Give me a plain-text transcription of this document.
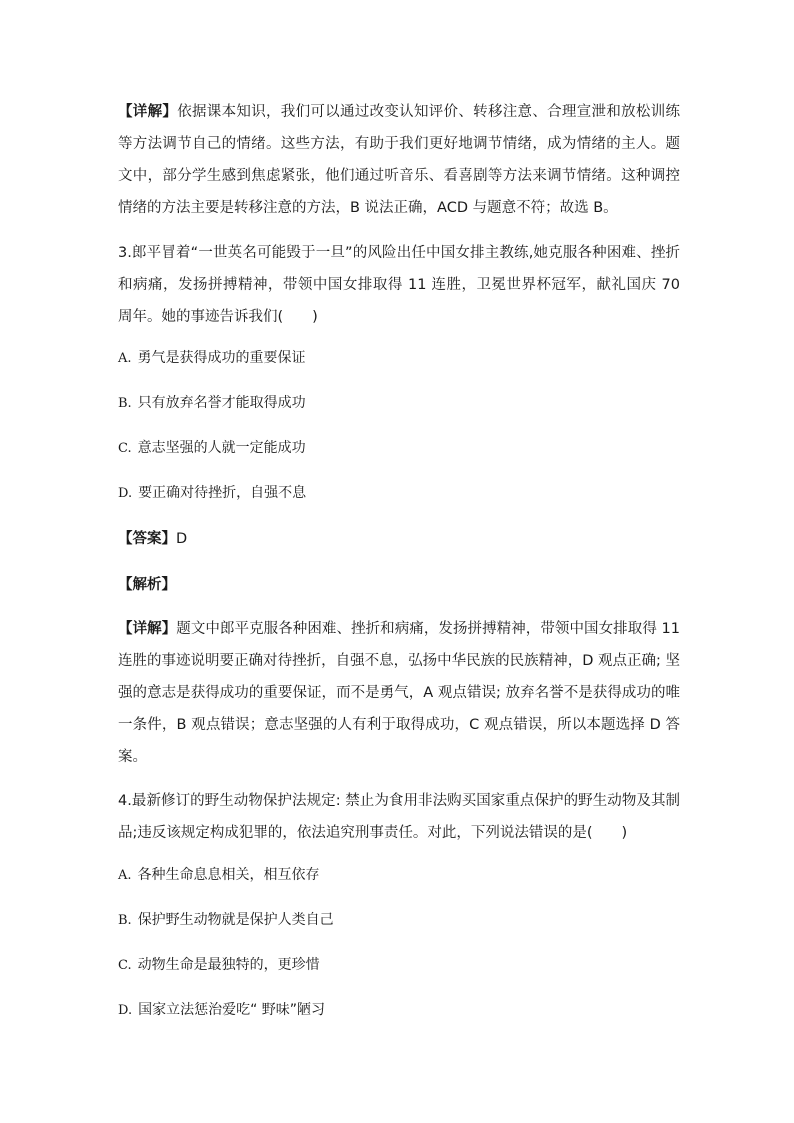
【详解】依据课本知识，我们可以通过改变认知评价、转移注意、合理宣泄和放松训练等方法调节自己的情绪。这些方法，有助于我们更好地调节情绪，成为情绪的主人。题文中，部分学生感到焦虑紧张，他们通过听音乐、看喜剧等方法来调节情绪。这种调控情绪的方法主要是转移注意的方法，B 说法正确，ACD 与题意不符；故选 B。

3.郎平冒着“一世英名可能毁于一旦”的风险出任中国女排主教练,她克服各种困难、挫折和病痛，发扬拼搏精神，带领中国女排取得 11 连胜，卫冕世界杯冠军，献礼国庆 70 周年。她的事迹告诉我们(　　)

A. 勇气是获得成功的重要保证

B. 只有放弃名誉才能取得成功

C. 意志坚强的人就一定能成功

D. 要正确对待挫折，自强不息

【答案】D

【解析】

【详解】题文中郎平克服各种困难、挫折和病痛，发扬拼搏精神，带领中国女排取得 11 连胜的事迹说明要正确对待挫折，自强不息，弘扬中华民族的民族精神，D 观点正确; 坚强的意志是获得成功的重要保证，而不是勇气，A 观点错误; 放弃名誉不是获得成功的唯一条件，B 观点错误；意志坚强的人有利于取得成功，C 观点错误，所以本题选择 D 答案。

4.最新修订的野生动物保护法规定: 禁止为食用非法购买国家重点保护的野生动物及其制品;违反该规定构成犯罪的，依法追究刑事责任。对此，下列说法错误的是(　　)

A. 各种生命息息相关，相互依存

B. 保护野生动物就是保护人类自己

C. 动物生命是最独特的，更珍惜

D. 国家立法惩治爱吃“ 野味”陋习
